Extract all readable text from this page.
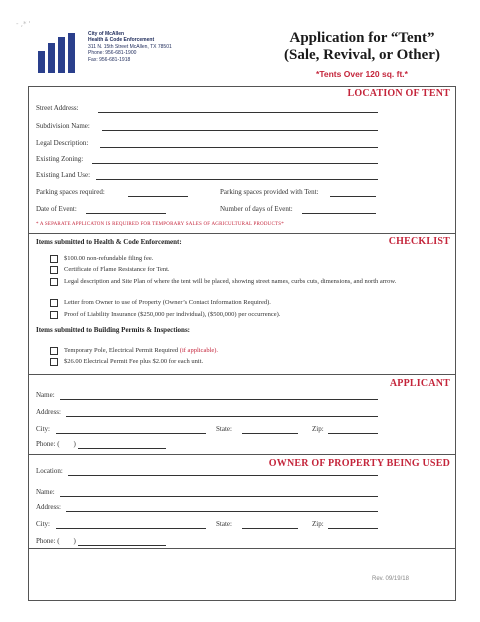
- ,* '
City of McAllen
Health & Code Enforcement
311 N. 15th Street McAllen, TX 78501
Phone: 956-681-1900
Fax: 956-681-1918
Application for “Tent”
(Sale, Revival, or Other)
*Tents Over 120 sq. ft.*
LOCATION OF TENT
Street Address:
Subdivision Name:
Legal Description:
Existing Zoning:
Existing Land Use:
Parking spaces required:	Parking spaces provided with Tent:
Date of Event:	Number of days of Event:
* A SEPARATE APPLICATON IS REQUIRED FOR TEMPORARY SALES OF AGRICULTURAL PRODUCTS*
Items submitted to Health & Code Enforcement:	CHECKLIST
$100.00 non-refundable filing fee.
Certificate of Flame Resistance for Tent.
Legal description and Site Plan of where the tent will be placed, showing street names, curbs cuts, dimensions, and north arrow.
Letter from Owner to use of Property (Owner’s Contact Information Required).
Proof of Liability Insurance ($250,000 per individual), ($500,000) per occurrence).
Items submitted to Building Permits & Inspections:
Temporary Pole, Electrical Permit Required (if applicable).
$26.00 Electrical Permit Fee plus $2.00 for each unit.
APPLICANT
Name:
Address:
City:	State:	Zip:
Phone: (        )
OWNER OF PROPERTY BEING USED
Location:
Name:
Address:
City:	State:	Zip:
Phone: (        )
Rev. 09/19/18
